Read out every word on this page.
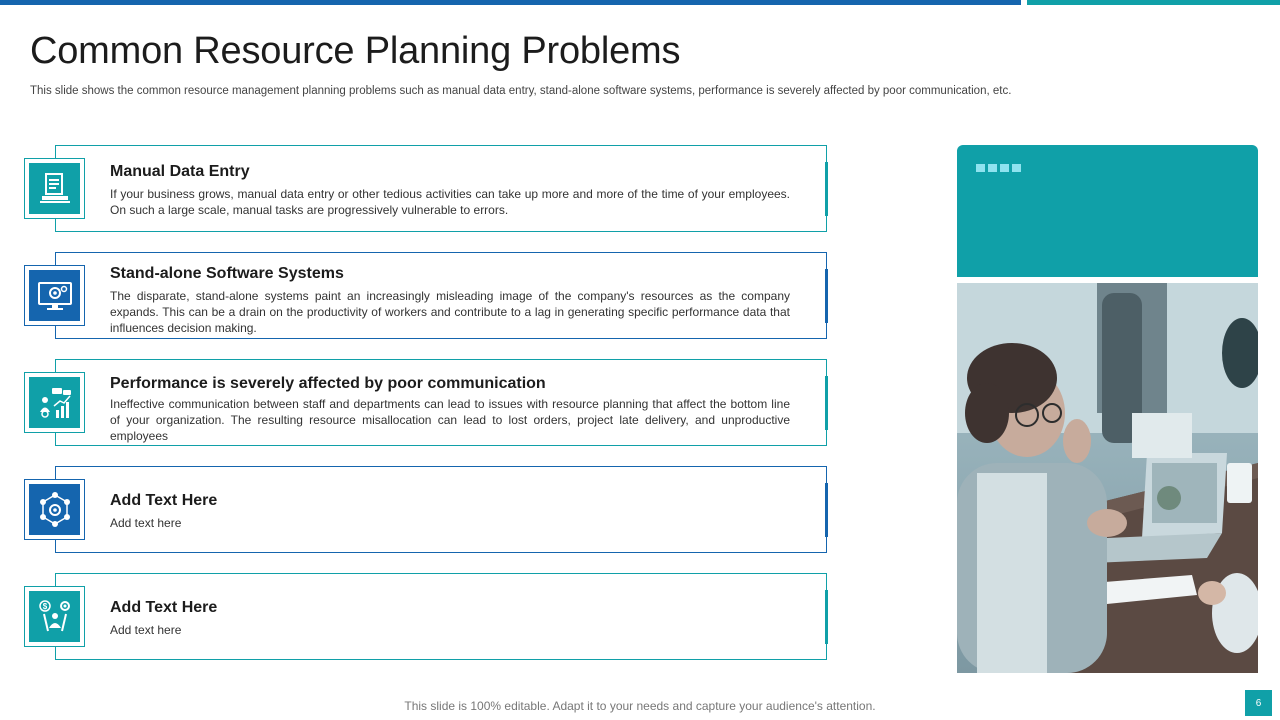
Common Resource Planning Problems

This slide shows the common resource management planning problems such as manual data entry, stand-alone software systems, performance is severely affected by poor communication, etc.

Manual Data Entry
If your business grows, manual data entry or other tedious activities can take up more and more of the time of your employees. On such a large scale, manual tasks are progressively vulnerable to errors.
Stand-alone Software Systems
The disparate, stand-alone systems paint an increasingly misleading image of the company's resources as the company expands. This can be a drain on the productivity of workers and contribute to a lag in generating specific performance data that influences decision making.
Performance is severely affected by poor communication
Ineffective communication between staff and departments can lead to issues with resource planning that affect the bottom line of your organization. The resulting resource misallocation can lead to lost orders, project late delivery, and unproductive employees
Add Text Here
Add text here
Add Text Here
Add text here
$
This slide is 100% editable. Adapt it to your needs and capture your audience's attention.	6
